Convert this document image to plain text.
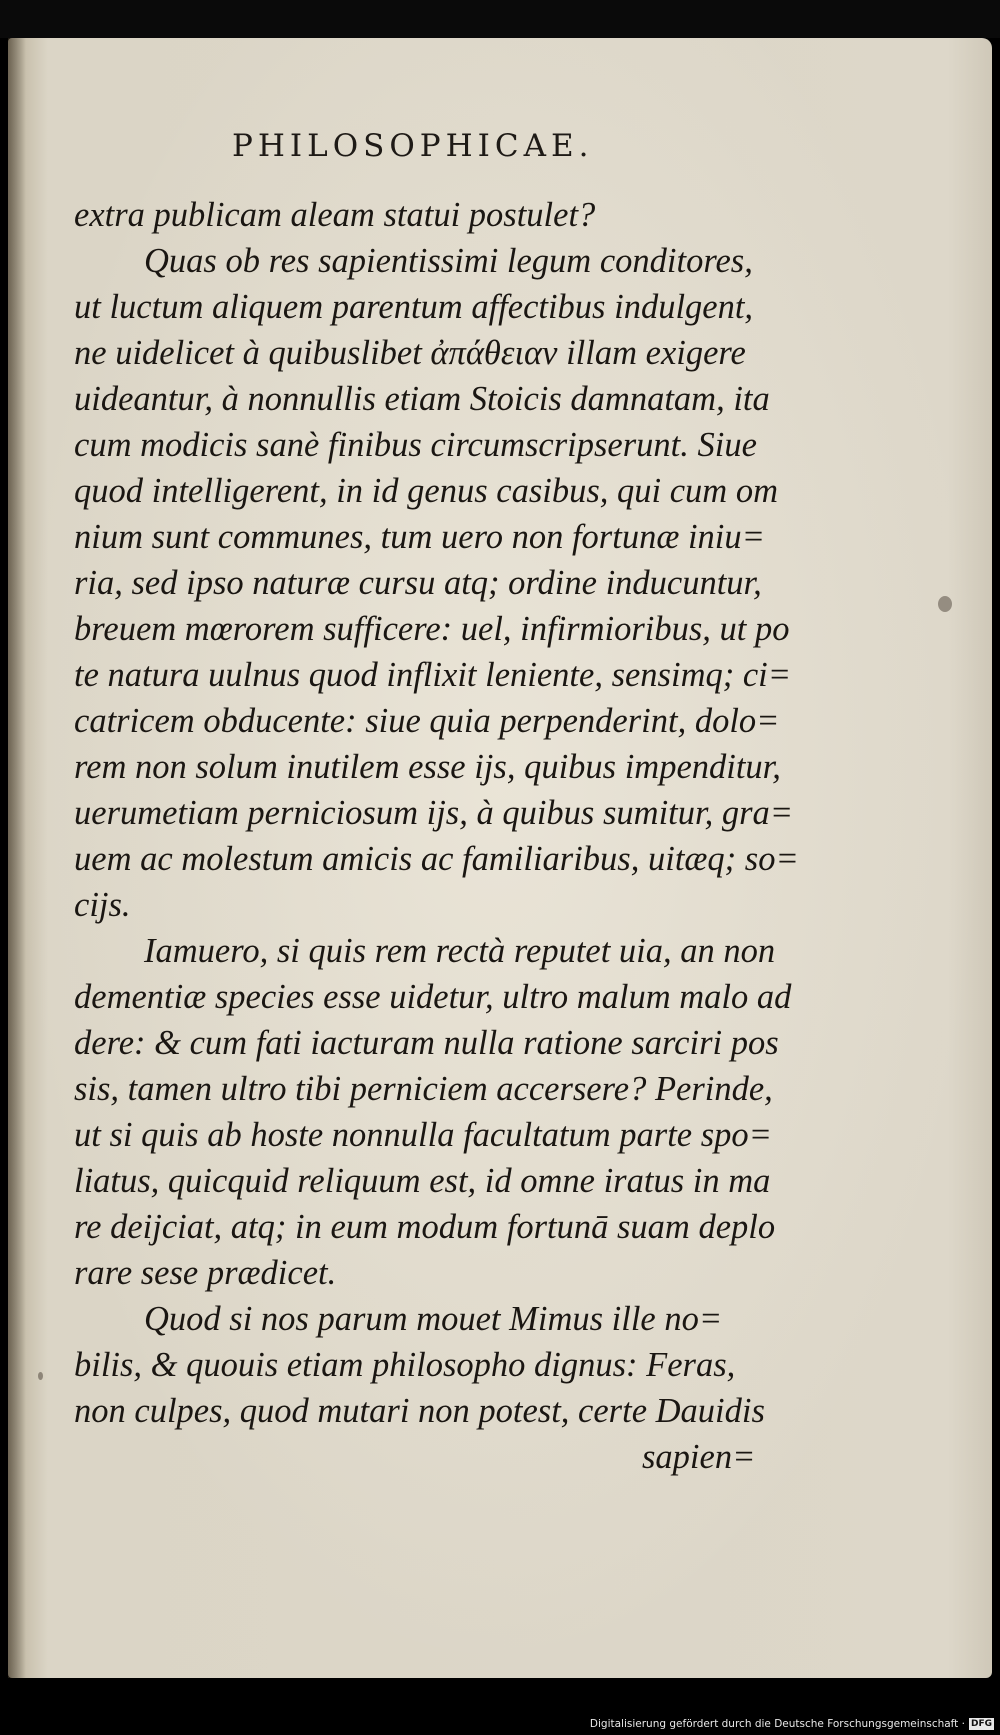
PHILOSOPHICAE.
extra publicam aleam statui postulet?
Quas ob res sapientissimi legum conditores,
ut luctum aliquem parentum affectibus indulgent,
ne uidelicet à quibuslibet ἀπάθειαν illam exigere
uideantur, à nonnullis etiam Stoicis damnatam, ita
cum modicis sanè finibus circumscripserunt. Siue
quod intelligerent, in id genus casibus, qui cum om
nium sunt communes, tum uero non fortunæ iniu=
ria, sed ipso naturæ cursu atq; ordine inducuntur,
breuem mœrorem sufficere: uel, infirmioribus, ut po
te natura uulnus quod inflixit leniente, sensimq; ci=
catricem obducente: siue quia perpenderint, dolo=
rem non solum inutilem esse ijs, quibus impenditur,
uerumetiam perniciosum ijs, à quibus sumitur, gra=
uem ac molestum amicis ac familiaribus, uitæq; so=
cijs.
Iamuero, si quis rem rectà reputet uia, an non
dementiæ species esse uidetur, ultro malum malo ad
dere: & cum fati iacturam nulla ratione sarciri pos
sis, tamen ultro tibi perniciem accersere? Perinde,
ut si quis ab hoste nonnulla facultatum parte spo=
liatus, quicquid reliquum est, id omne iratus in ma
re deijciat, atq; in eum modum fortunā suam deplo
rare sese prædicet.
Quod si nos parum mouet Mimus ille no=
bilis, & quouis etiam philosopho dignus: Feras,
non culpes, quod mutari non potest, certe Dauidis
sapien=
Digitalisierung gefördert durch die Deutsche Forschungsgemeinschaft · DFG
